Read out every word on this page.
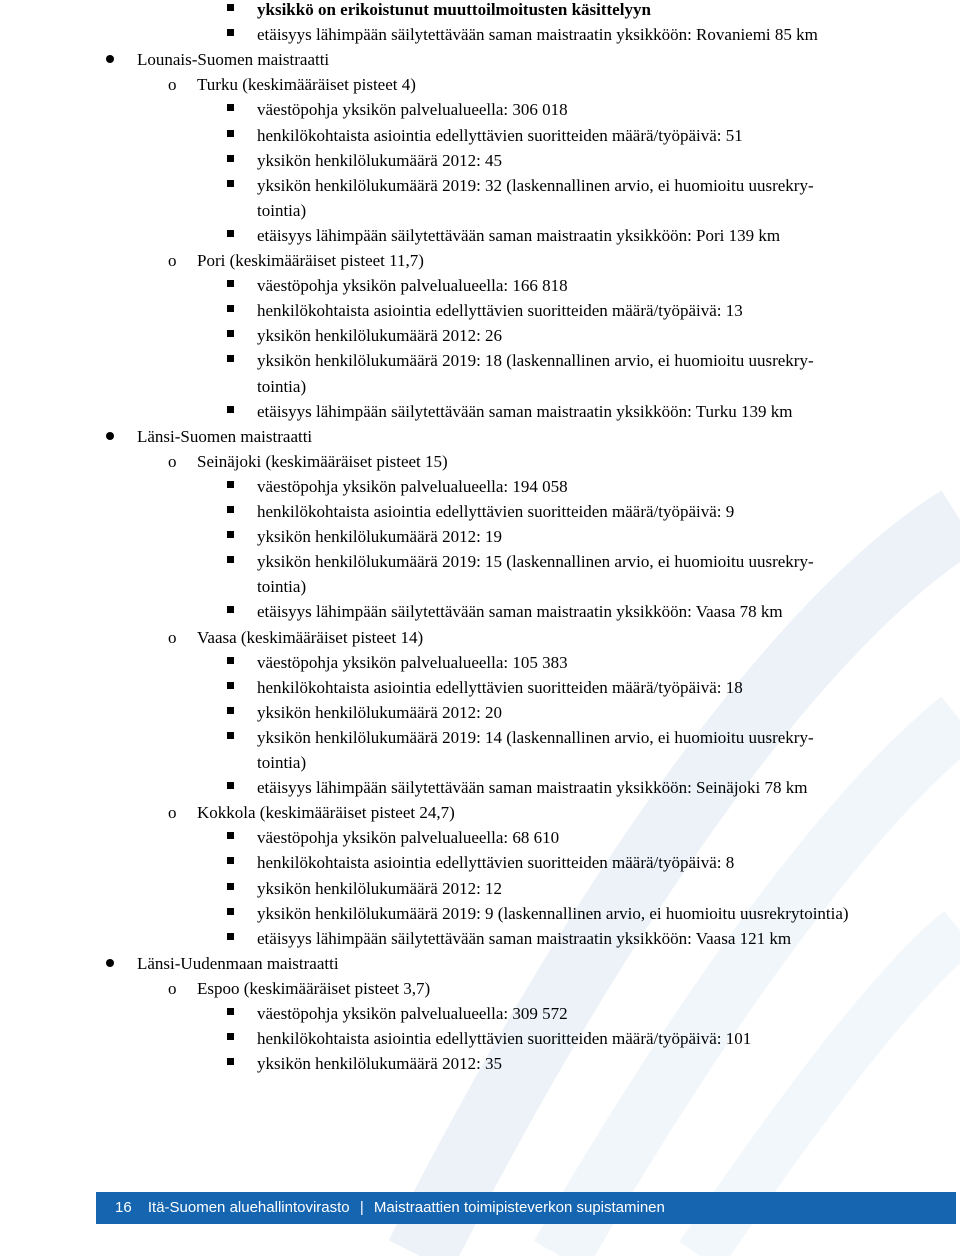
yksikkö on erikoistunut muuttoilmoitusten käsittelyyn
etäisyys lähimpään säilytettävään saman maistraatin yksikköön: Rovaniemi 85 km
Lounais-Suomen maistraatti
o Turku (keskimääräiset pisteet 4)
väestöpohja yksikön palvelualueella: 306 018
henkilökohtaista asiointia edellyttävien suoritteiden määrä/työpäivä: 51
yksikön henkilölukumäärä 2012: 45
yksikön henkilölukumäärä 2019: 32 (laskennallinen arvio, ei huomioitu uusrekry-
tointia)
etäisyys lähimpään säilytettävään saman maistraatin yksikköön: Pori 139 km
o Pori (keskimääräiset pisteet 11,7)
väestöpohja yksikön palvelualueella: 166 818
henkilökohtaista asiointia edellyttävien suoritteiden määrä/työpäivä: 13
yksikön henkilölukumäärä 2012: 26
yksikön henkilölukumäärä 2019: 18 (laskennallinen arvio, ei huomioitu uusrekry-
tointia)
etäisyys lähimpään säilytettävään saman maistraatin yksikköön: Turku 139 km
Länsi-Suomen maistraatti
o Seinäjoki (keskimääräiset pisteet 15)
väestöpohja yksikön palvelualueella: 194 058
henkilökohtaista asiointia edellyttävien suoritteiden määrä/työpäivä: 9
yksikön henkilölukumäärä 2012: 19
yksikön henkilölukumäärä 2019: 15 (laskennallinen arvio, ei huomioitu uusrekry-
tointia)
etäisyys lähimpään säilytettävään saman maistraatin yksikköön: Vaasa 78 km
o Vaasa (keskimääräiset pisteet 14)
väestöpohja yksikön palvelualueella: 105 383
henkilökohtaista asiointia edellyttävien suoritteiden määrä/työpäivä: 18
yksikön henkilölukumäärä 2012: 20
yksikön henkilölukumäärä 2019: 14 (laskennallinen arvio, ei huomioitu uusrekry-
tointia)
etäisyys lähimpään säilytettävään saman maistraatin yksikköön: Seinäjoki 78 km
o Kokkola (keskimääräiset pisteet 24,7)
väestöpohja yksikön palvelualueella: 68 610
henkilökohtaista asiointia edellyttävien suoritteiden määrä/työpäivä: 8
yksikön henkilölukumäärä 2012: 12
yksikön henkilölukumäärä 2019: 9 (laskennallinen arvio, ei huomioitu uusrekrytointia)
etäisyys lähimpään säilytettävään saman maistraatin yksikköön: Vaasa 121 km
Länsi-Uudenmaan maistraatti
o Espoo (keskimääräiset pisteet 3,7)
väestöpohja yksikön palvelualueella: 309 572
henkilökohtaista asiointia edellyttävien suoritteiden määrä/työpäivä: 101
yksikön henkilölukumäärä 2012: 35
16 Itä-Suomen aluehallintovirasto | Maistraattien toimipisteverkon supistaminen
